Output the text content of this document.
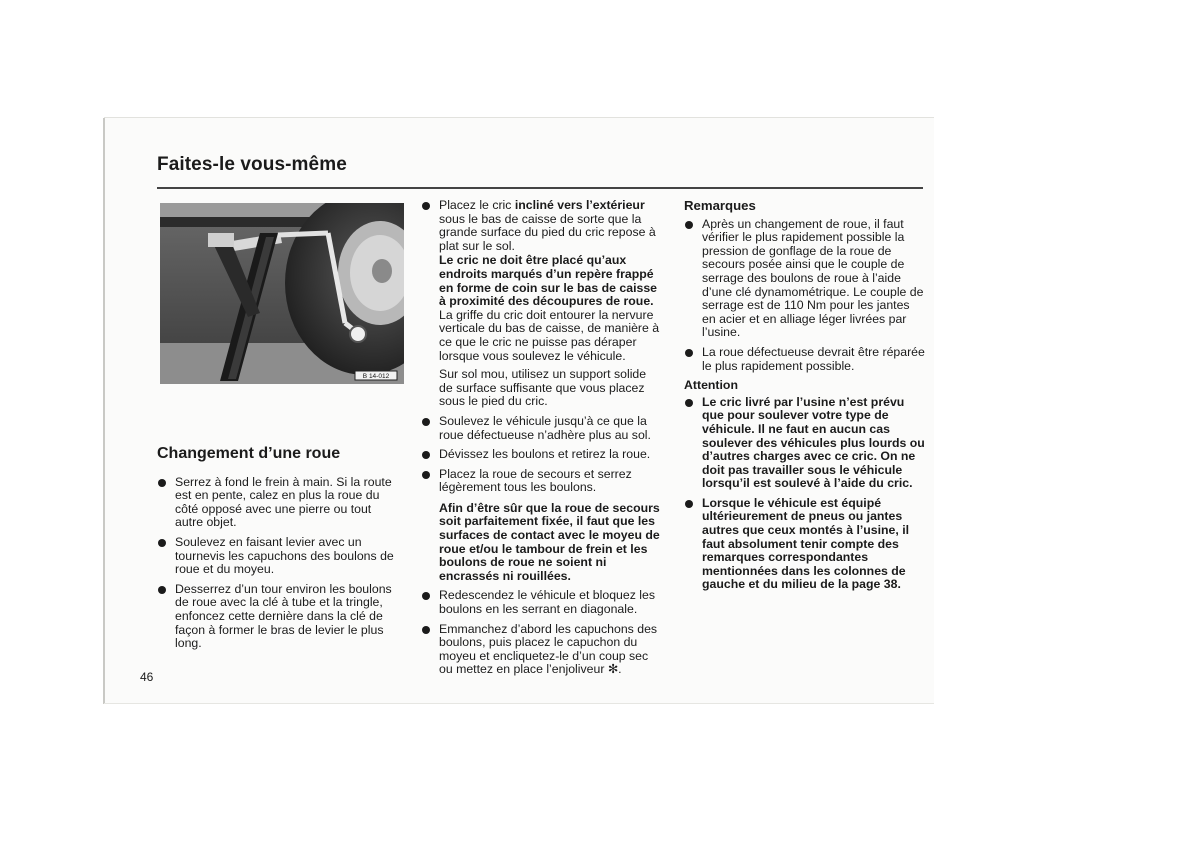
Faites-le vous-même
B 14-012
Changement d’une roue
Serrez à fond le frein à main. Si la route est en pente, calez en plus la roue du côté opposé avec une pierre ou tout autre objet.
Soulevez en faisant levier avec un tournevis les capuchons des boulons de roue et du moyeu.
Desserrez d’un tour environ les boulons de roue avec la clé à tube et la tringle, enfoncez cette dernière dans la clé de façon à former le bras de levier le plus long.
Placez le cric incliné vers l’extérieur sous le bas de caisse de sorte que la grande surface du pied du cric repose à plat sur le sol.
Le cric ne doit être placé qu’aux endroits marqués d’un repère frappé en forme de coin sur le bas de caisse à proximité des découpures de roue.
La griffe du cric doit entourer la nervure verticale du bas de caisse, de manière à ce que le cric ne puisse pas déraper lorsque vous soulevez le véhicule.
Sur sol mou, utilisez un support solide de surface suffisante que vous placez sous le pied du cric.
Soulevez le véhicule jusqu’à ce que la roue défectueuse n’adhère plus au sol.
Dévissez les boulons et retirez la roue.
Placez la roue de secours et serrez légèrement tous les boulons.
Afin d’être sûr que la roue de secours soit parfaitement fixée, il faut que les surfaces de contact avec le moyeu de roue et/ou le tambour de frein et les boulons de roue ne soient ni encrassés ni rouillées.
Redescendez le véhicule et bloquez les boulons en les serrant en diagonale.
Emmanchez d’abord les capuchons des boulons, puis placez le capuchon du moyeu et encliquetez-le d’un coup sec ou mettez en place l’enjoliveur ✻.
Remarques
Après un changement de roue, il faut vérifier le plus rapidement possible la pression de gonflage de la roue de secours posée ainsi que le couple de serrage des boulons de roue à l’aide d’une clé dynamométrique. Le couple de serrage est de 110 Nm pour les jantes en acier et en alliage léger livrées par l’usine.
La roue défectueuse devrait être réparée le plus rapidement possible.
Attention
Le cric livré par l’usine n’est prévu que pour soulever votre type de véhicule. Il ne faut en aucun cas soulever des véhicules plus lourds ou d’autres charges avec ce cric. On ne doit pas travailler sous le véhicule lorsqu’il est soulevé à l’aide du cric.
Lorsque le véhicule est équipé ultérieurement de pneus ou jantes autres que ceux montés à l’usine, il faut absolument tenir compte des remarques correspondantes mentionnées dans les colonnes de gauche et du milieu de la page 38.
46
